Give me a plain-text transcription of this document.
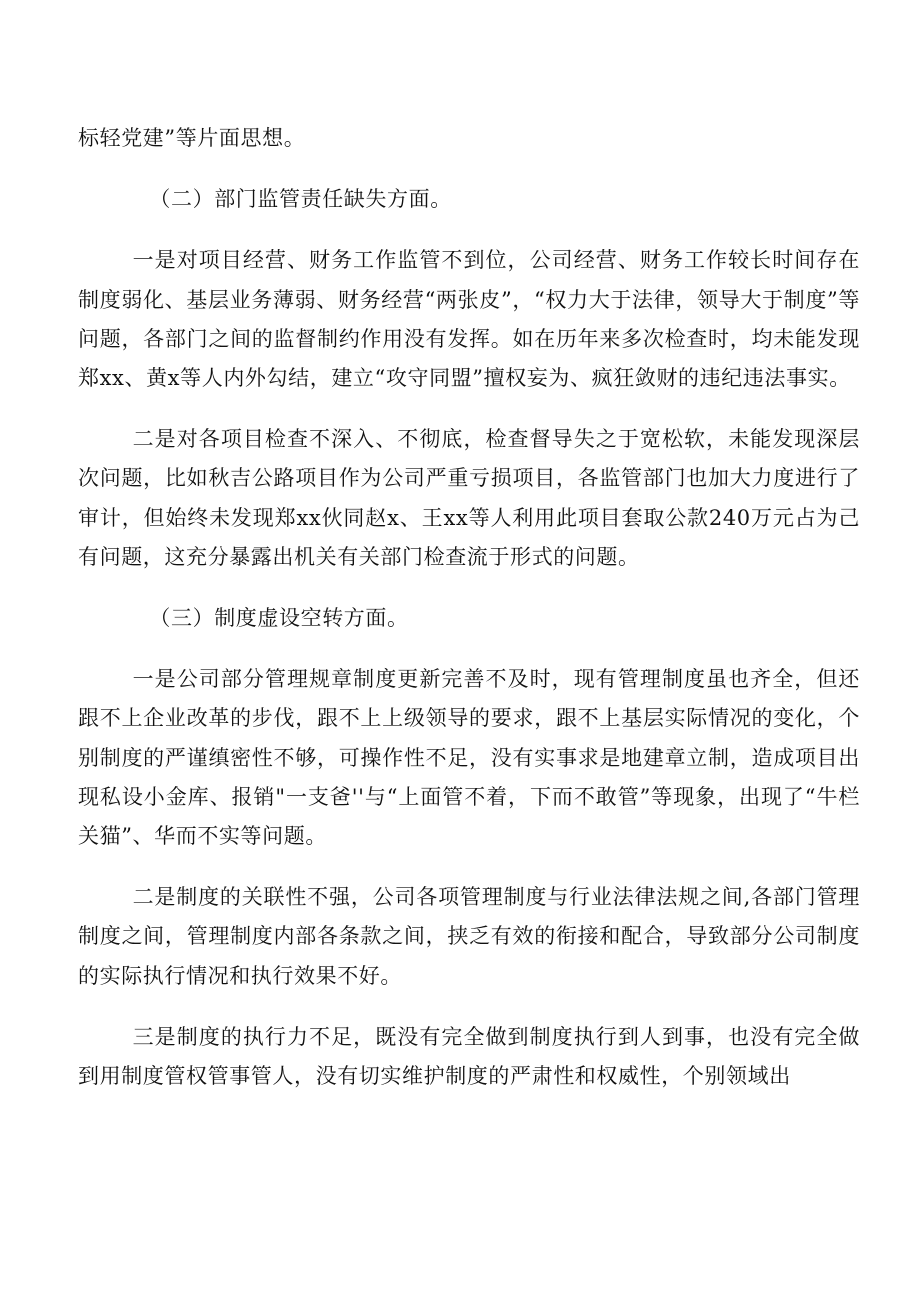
标轻党建”等片面思想。

（二）部门监管责任缺失方面。

一是对项目经营、财务工作监管不到位，公司经营、财务工作较长时间存在制度弱化、基层业务薄弱、财务经营“两张皮”，“权力大于法律，领导大于制度”等问题，各部门之间的监督制约作用没有发挥。如在历年来多次检查时，均未能发现郑xx、黄x等人内外勾结，建立“攻守同盟”擅权妄为、疯狂敛财的违纪违法事实。

二是对各项目检查不深入、不彻底，检查督导失之于宽松软，未能发现深层次问题，比如秋吉公路项目作为公司严重亏损项目，各监管部门也加大力度进行了审计，但始终未发现郑xx伙同赵x、王xx等人利用此项目套取公款240万元占为己有问题，这充分暴露出机关有关部门检查流于形式的问题。

（三）制度虚设空转方面。

一是公司部分管理规章制度更新完善不及时，现有管理制度虽也齐全，但还跟不上企业改革的步伐，跟不上上级领导的要求，跟不上基层实际情况的变化，个别制度的严谨缜密性不够，可操作性不足，没有实事求是地建章立制，造成项目出现私设小金库、报销"一支爸''与“上面管不着，下而不敢管”等现象，出现了“牛栏关猫”、华而不实等问题。

二是制度的关联性不强，公司各项管理制度与行业法律法规之间,各部门管理制度之间，管理制度内部各条款之间，挟乏有效的衔接和配合，导致部分公司制度的实际执行情况和执行效果不好。

三是制度的执行力不足，既没有完全做到制度执行到人到事，也没有完全做到用制度管权管事管人，没有切实维护制度的严肃性和权威性，个别领域出
